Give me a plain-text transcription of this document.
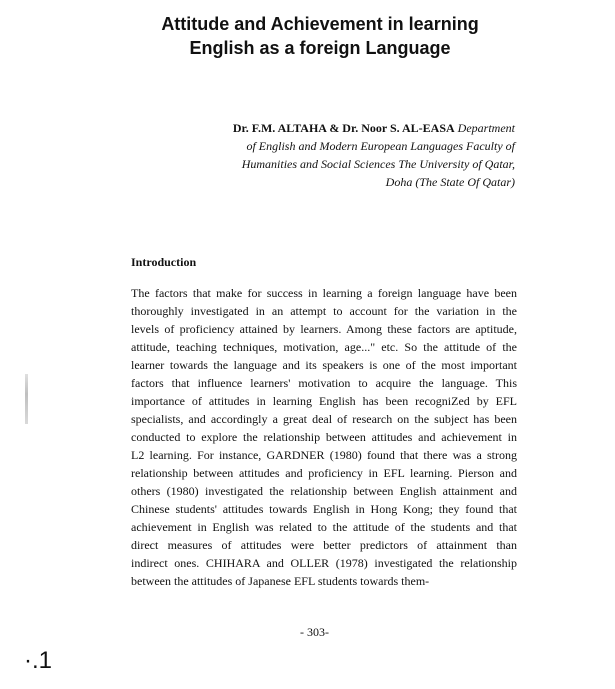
Attitude and Achievement in learning
English as a foreign Language
Dr. F.M. ALTAHA & Dr. Noor S. AL-EASA Department
of English and Modern European Languages Faculty of
Humanities and Social Sciences The University of Qatar,
Doha (The State Of Qatar)
Introduction
The factors that make for success in learning a foreign language have been
thoroughly investigated in an attempt to account for the variation in the
levels of proficiency attained by learners. Among these factors are aptitude,
attitude, teaching techniques, motivation, age..." etc. So the attitude of the
learner towards the language and its speakers is one of the most important
factors that influence learners' motivation to acquire the language. This
importance of attitudes in learning English has been recogniZed by EFL
specialists, and accordingly a great deal of research on the subject has been
conducted to explore the relationship between attitudes and achievement in
L2 learning. For instance, GARDNER (1980) found that there was a strong
relationship between attitudes and proficiency in EFL learning. Pierson and
others (1980) investigated the relationship between English attainment and
Chinese students' attitudes towards English in Hong Kong; they found that
achievement in English was related to the attitude of the students and that
direct measures of attitudes were better predictors of attainment than
indirect ones. CHIHARA and OLLER (1978) investigated the relationship
between the attitudes of Japanese EFL students towards them-
- 303-
·.1
